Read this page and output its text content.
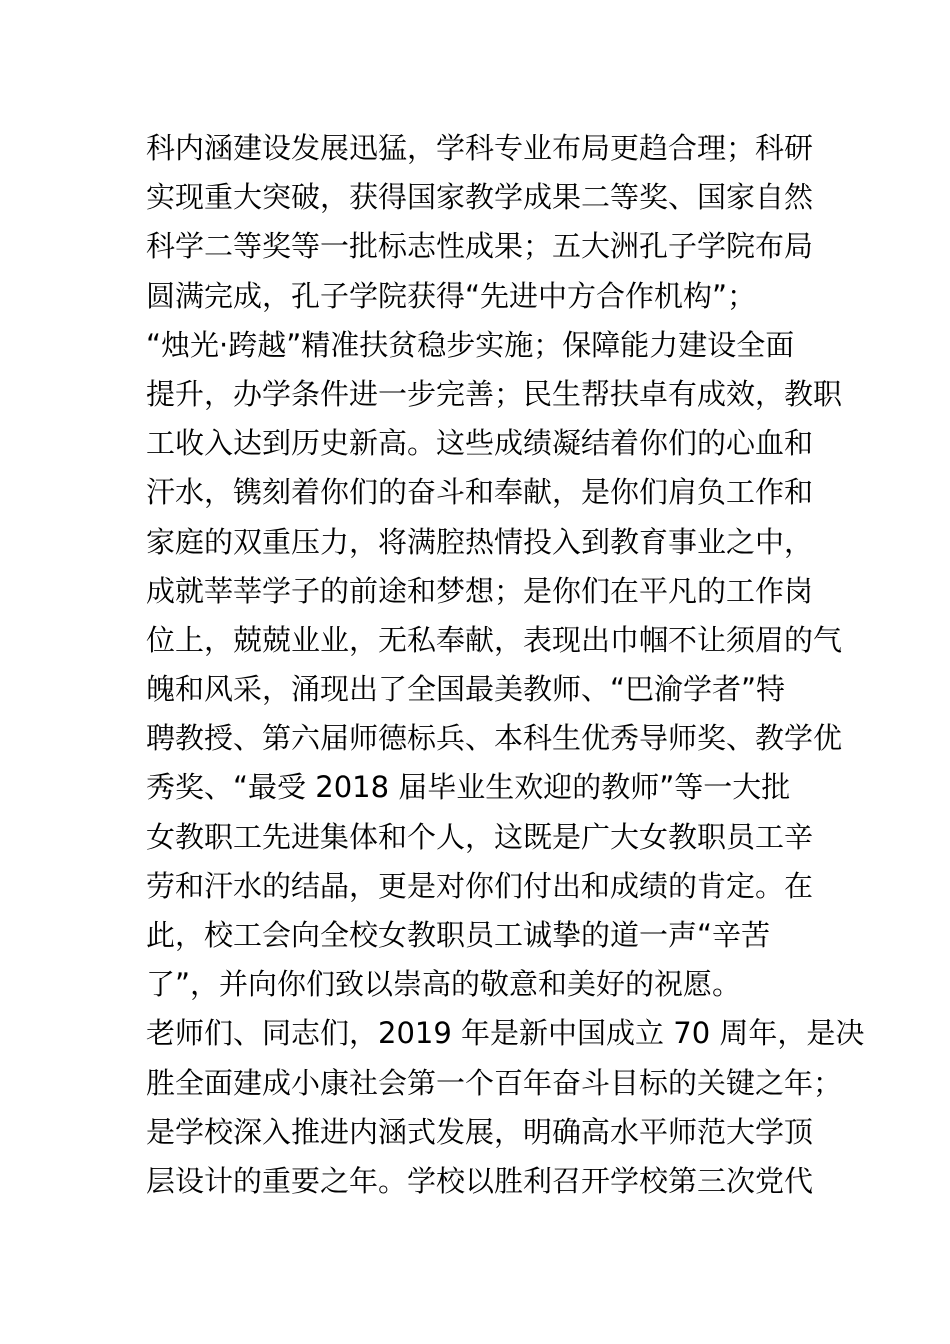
科内涵建设发展迅猛，学科专业布局更趋合理；科研
实现重大突破，获得国家教学成果二等奖、国家自然
科学二等奖等一批标志性成果；五大洲孔子学院布局
圆满完成，孔子学院获得“先进中方合作机构”；
“烛光·跨越”精准扶贫稳步实施；保障能力建设全面
提升，办学条件进一步完善；民生帮扶卓有成效，教职
工收入达到历史新高。这些成绩凝结着你们的心血和
汗水，镌刻着你们的奋斗和奉献，是你们肩负工作和
家庭的双重压力，将满腔热情投入到教育事业之中，
成就莘莘学子的前途和梦想；是你们在平凡的工作岗
位上，兢兢业业，无私奉献，表现出巾帼不让须眉的气
魄和风采，涌现出了全国最美教师、“巴渝学者”特
聘教授、第六届师德标兵、本科生优秀导师奖、教学优
秀奖、“最受 2018 届毕业生欢迎的教师”等一大批
女教职工先进集体和个人，这既是广大女教职员工辛
劳和汗水的结晶，更是对你们付出和成绩的肯定。在
此，校工会向全校女教职员工诚挚的道一声“辛苦
了”，并向你们致以崇高的敬意和美好的祝愿。
老师们、同志们，2019 年是新中国成立 70 周年，是决
胜全面建成小康社会第一个百年奋斗目标的关键之年；
是学校深入推进内涵式发展，明确高水平师范大学顶
层设计的重要之年。学校以胜利召开学校第三次党代
